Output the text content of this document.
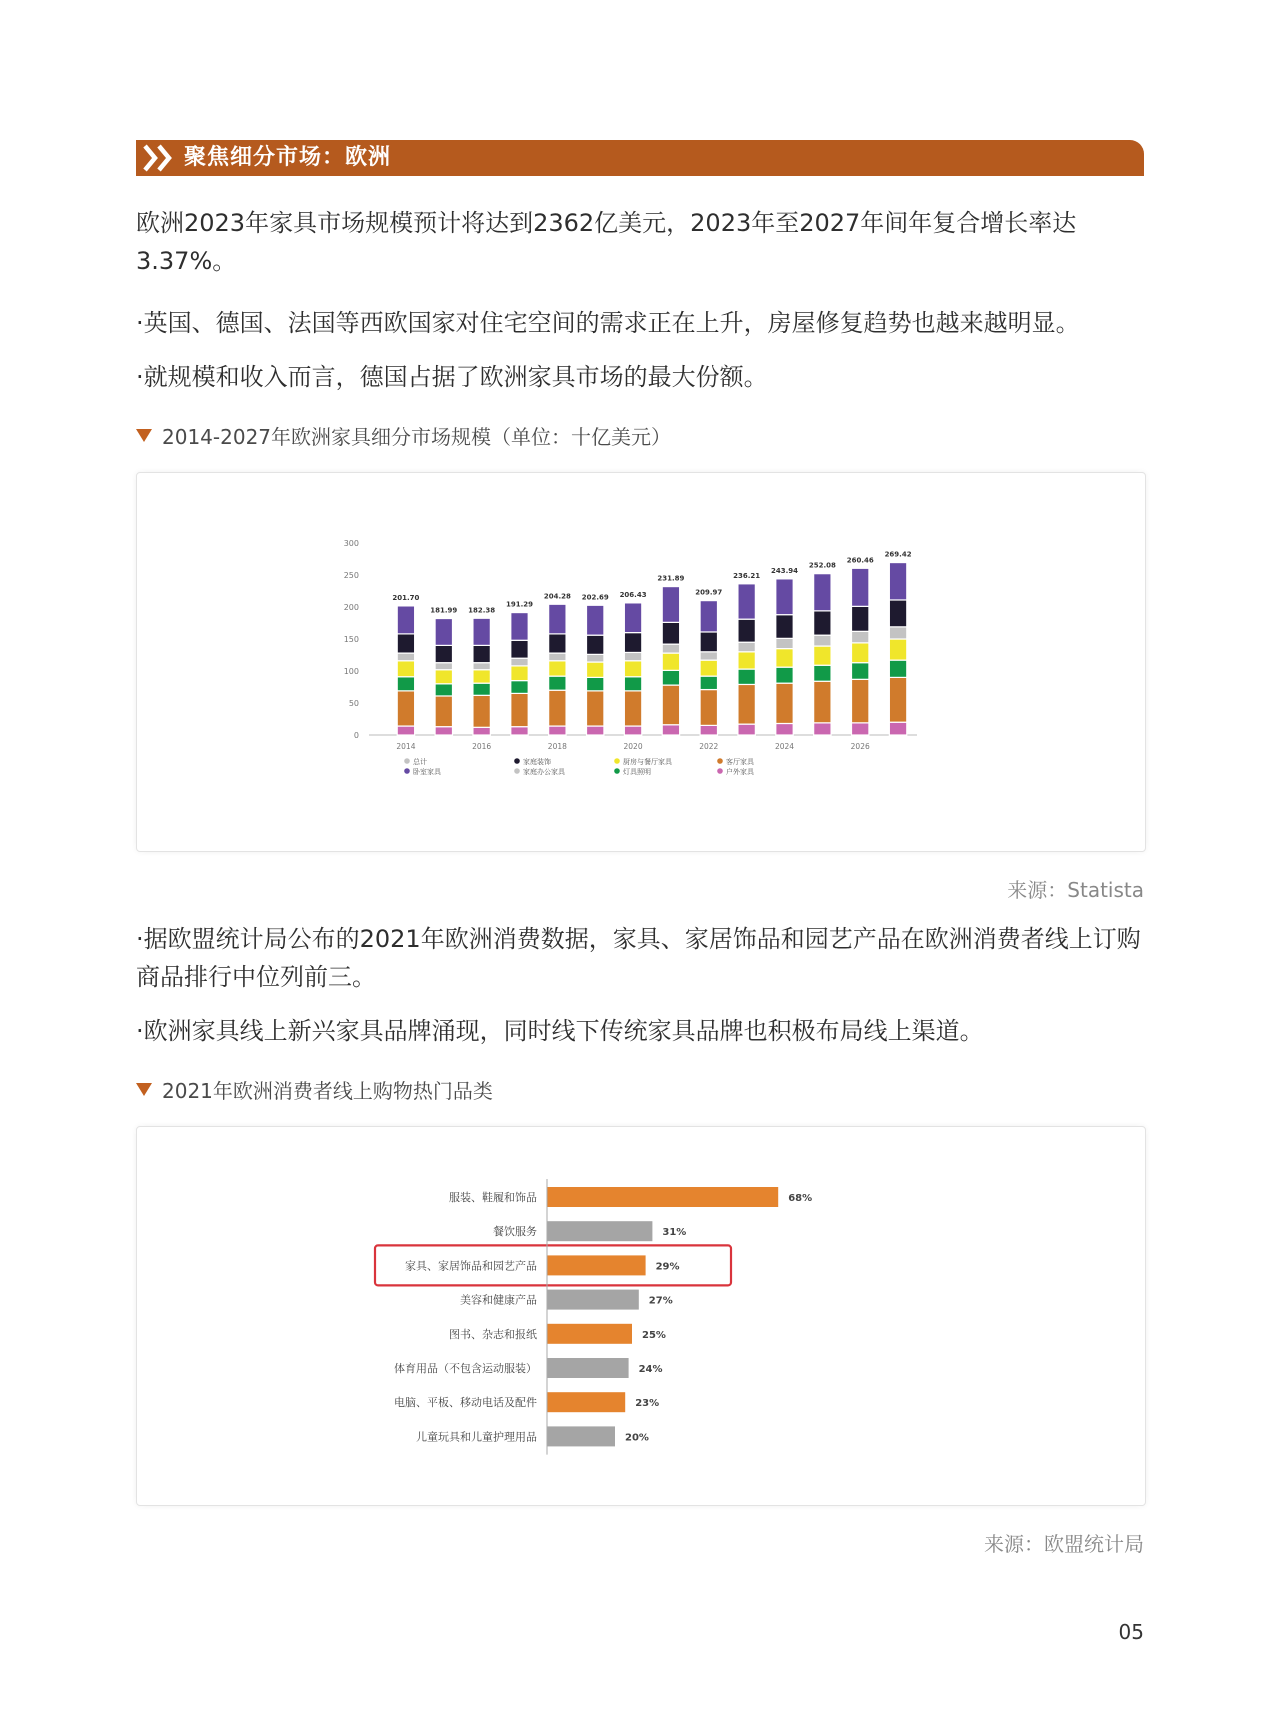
聚焦细分市场：欧洲
欧洲2023年家具市场规模预计将达到2362亿美元，2023年至2027年间年复合增长率达3.37%。
·英国、德国、法国等西欧国家对住宅空间的需求正在上升，房屋修复趋势也越来越明显。
·就规模和收入而言，德国占据了欧洲家具市场的最大份额。
2014-2027年欧洲家具细分市场规模（单位：十亿美元）
0
50
100
150
200
250
300
201.70
2014
181.99 182.38
2016
191.29
204.28
2018
202.69 206.43
2020
231.89
209.97
2022
236.21
243.94
2024
252.08
260.46
2026
269.42
总计
卧室家具
家庭装饰
家庭办公家具
厨房与餐厅家具
灯具照明
客厅家具
户外家具
来源：Statista
·据欧盟统计局公布的2021年欧洲消费数据，家具、家居饰品和园艺产品在欧洲消费者线上订购商品排行中位列前三。
·欧洲家具线上新兴家具品牌涌现，同时线下传统家具品牌也积极布局线上渠道。
2021年欧洲消费者线上购物热门品类
服装、鞋履和饰品	68%
餐饮服务	31%
家具、家居饰品和园艺产品	29%
美容和健康产品	27%
图书、杂志和报纸	25%
体育用品（不包含运动服装）	24%
电脑、平板、移动电话及配件	23%
儿童玩具和儿童护理用品	20%
来源：欧盟统计局
05
